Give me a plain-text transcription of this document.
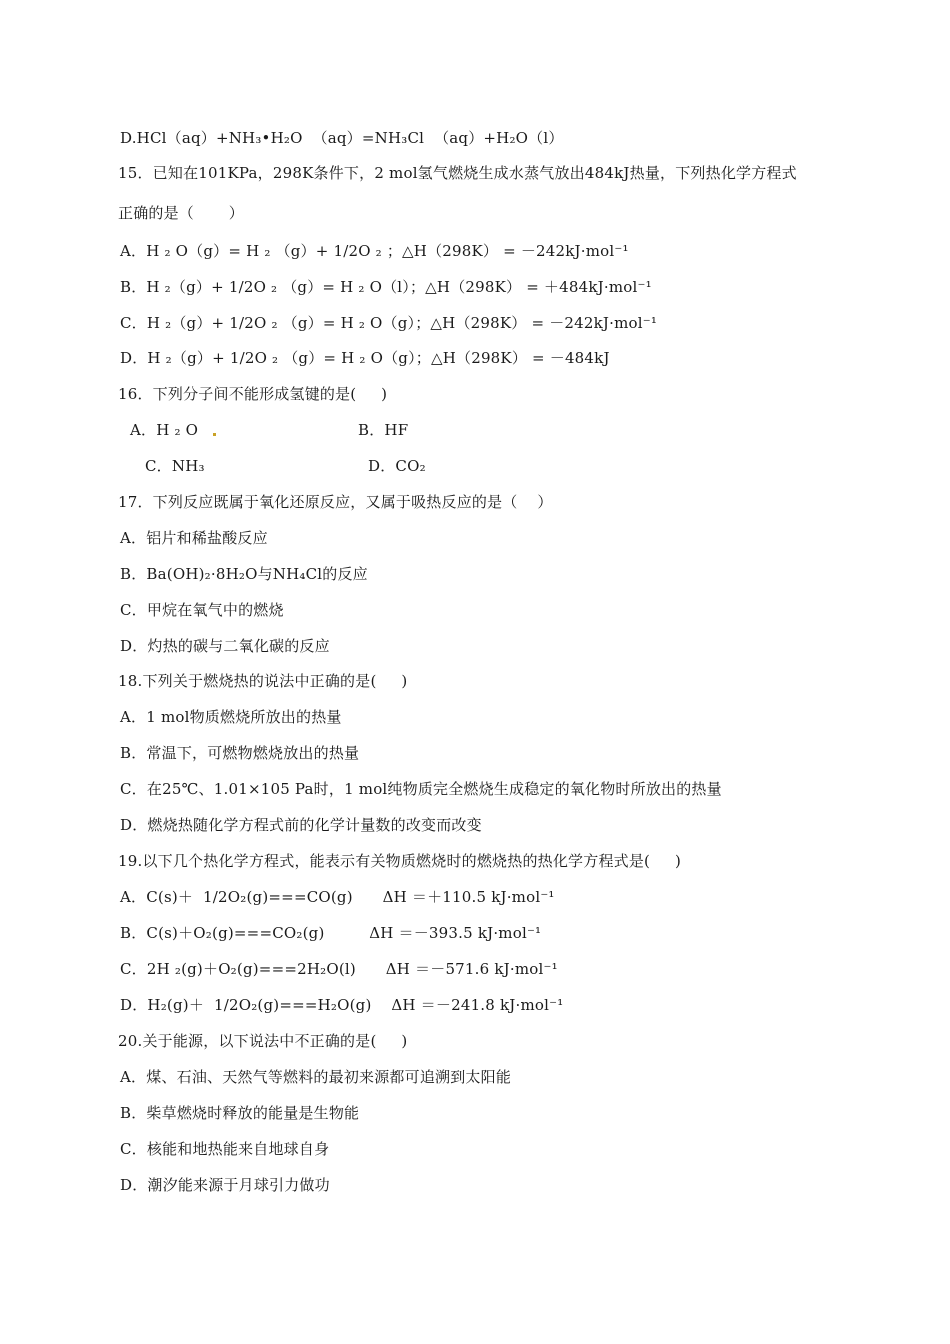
D.HCl（aq）+NH₃•H₂O  （aq）=NH₃Cl  （aq）+H₂O（l）
15．已知在101KPa，298K条件下，2 mol氢气燃烧生成水蒸气放出484kJ热量，下列热化学方程式
正确的是（       ）
A．H ₂ O（g）= H ₂ （g）+ 1/2O ₂ ；△H（298K） = －242kJ·mol⁻¹
B．H ₂（g）+ 1/2O ₂ （g）= H ₂ O（l）；△H（298K） = ＋484kJ·mol⁻¹
C．H ₂（g）+ 1/2O ₂ （g）= H ₂ O（g）；△H（298K） = －242kJ·mol⁻¹
D．H ₂（g）+ 1/2O ₂ （g）= H ₂ O（g）；△H（298K） = －484kJ
16．下列分子间不能形成氢键的是(     )
A．H ₂ O	B．HF
C．NH₃	D．CO₂
17．下列反应既属于氧化还原反应，又属于吸热反应的是（    ）
A．铝片和稀盐酸反应
B．Ba(OH)₂·8H₂O与NH₄Cl的反应
C．甲烷在氧气中的燃烧
D．灼热的碳与二氧化碳的反应
18.下列关于燃烧热的说法中正确的是(     )
A．1 mol物质燃烧所放出的热量
B．常温下，可燃物燃烧放出的热量
C．在25℃、1.01×105 Pa时，1 mol纯物质完全燃烧生成稳定的氧化物时所放出的热量
D．燃烧热随化学方程式前的化学计量数的改变而改变
19.以下几个热化学方程式，能表示有关物质燃烧时的燃烧热的热化学方程式是(     )
A．C(s)＋  1/2O₂(g)===CO(g)      ΔH ＝＋110.5 kJ·mol⁻¹
B．C(s)＋O₂(g)===CO₂(g)         ΔH ＝－393.5 kJ·mol⁻¹
C．2H ₂(g)＋O₂(g)===2H₂O(l)      ΔH ＝－571.6 kJ·mol⁻¹
D．H₂(g)＋  1/2O₂(g)===H₂O(g)    ΔH ＝－241.8 kJ·mol⁻¹
20.关于能源，以下说法中不正确的是(     )
A．煤、石油、天然气等燃料的最初来源都可追溯到太阳能
B．柴草燃烧时释放的能量是生物能
C．核能和地热能来自地球自身
D．潮汐能来源于月球引力做功
